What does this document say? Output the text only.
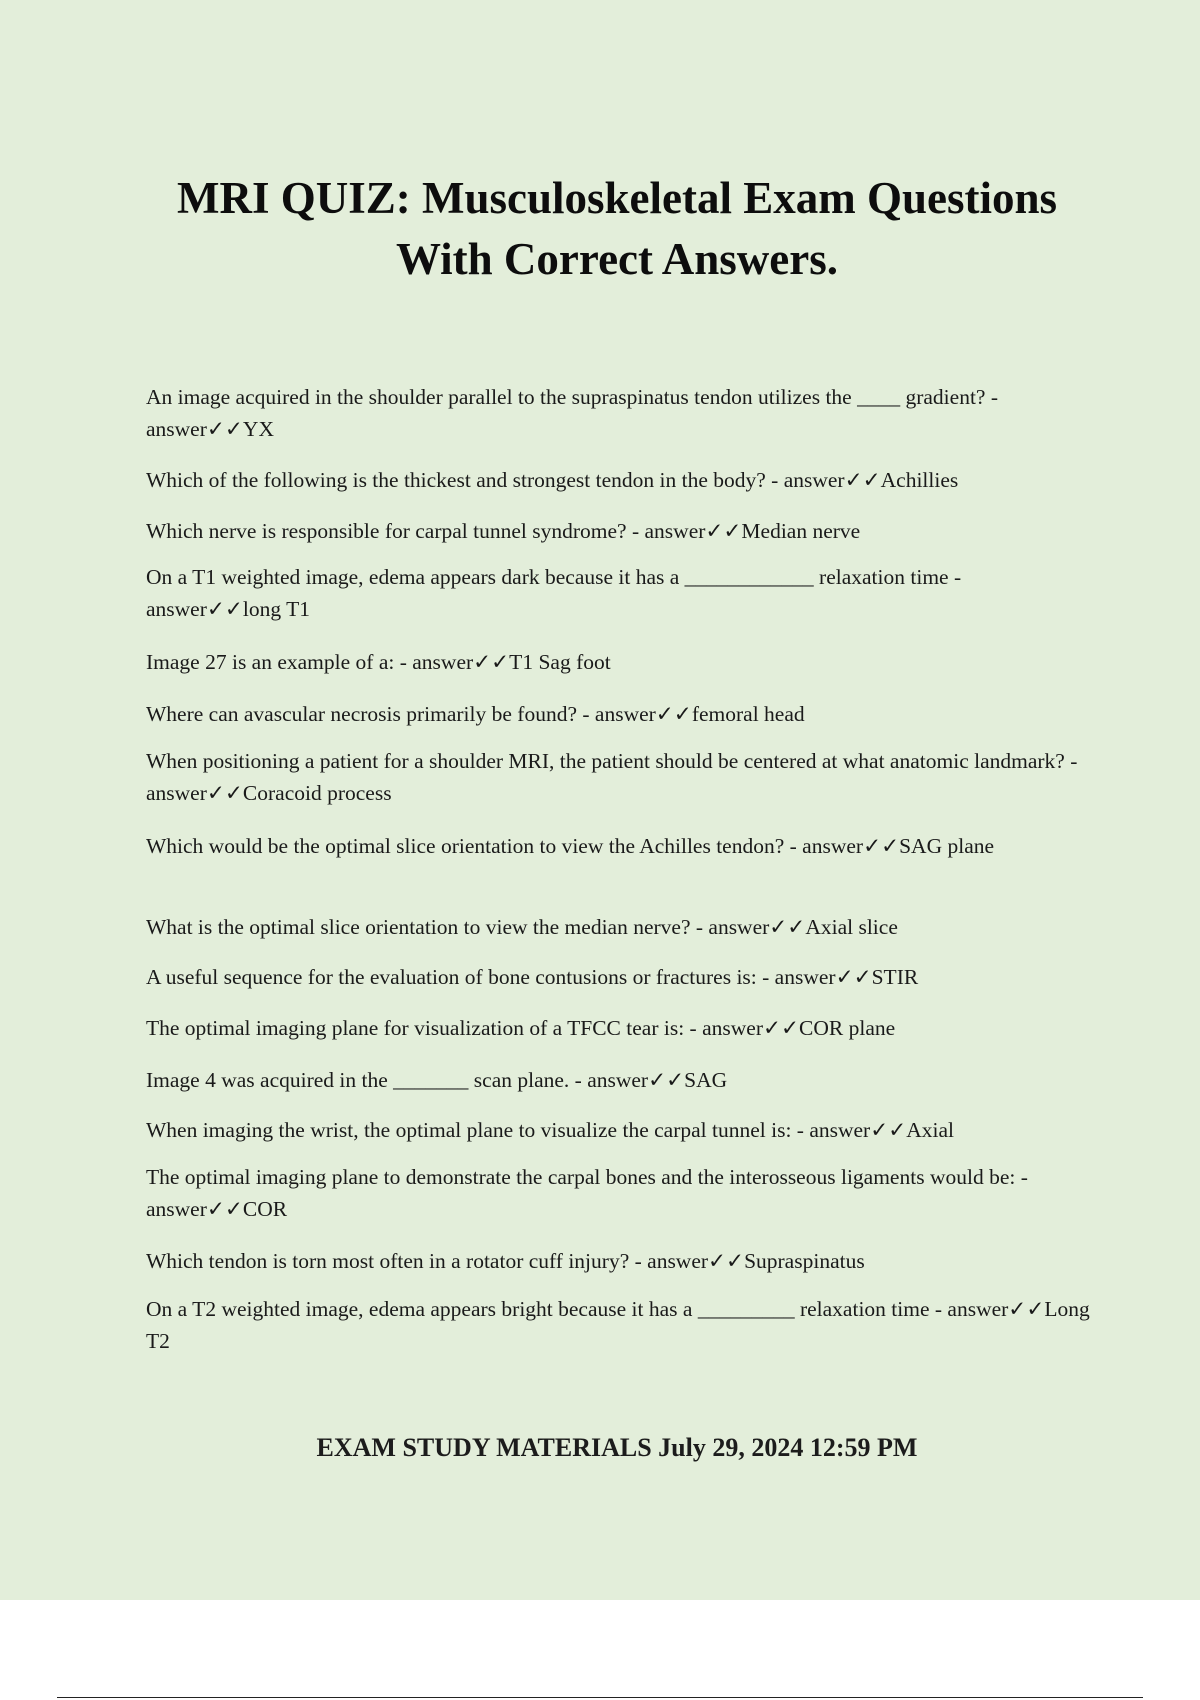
MRI QUIZ: Musculoskeletal Exam Questions With Correct Answers.
An image acquired in the shoulder parallel to the supraspinatus tendon utilizes the ____ gradient? - answer✓✓YX
Which of the following is the thickest and strongest tendon in the body? - answer✓✓Achillies
Which nerve is responsible for carpal tunnel syndrome? - answer✓✓Median nerve
On a T1 weighted image, edema appears dark because it has a ____________ relaxation time - answer✓✓long T1
Image 27 is an example of a: - answer✓✓T1 Sag foot
Where can avascular necrosis primarily be found? - answer✓✓femoral head
When positioning a patient for a shoulder MRI, the patient should be centered at what anatomic landmark? - answer✓✓Coracoid process
Which would be the optimal slice orientation to view the Achilles tendon? - answer✓✓SAG plane
What is the optimal slice orientation to view the median nerve? - answer✓✓Axial slice
A useful sequence for the evaluation of bone contusions or fractures is: - answer✓✓STIR
The optimal imaging plane for visualization of a TFCC tear is: - answer✓✓COR plane
Image 4 was acquired in the _______ scan plane. - answer✓✓SAG
When imaging the wrist, the optimal plane to visualize the carpal tunnel is: - answer✓✓Axial
The optimal imaging plane to demonstrate the carpal bones and the interosseous ligaments would be: - answer✓✓COR
Which tendon is torn most often in a rotator cuff injury? - answer✓✓Supraspinatus
On a T2 weighted image, edema appears bright because it has a _________ relaxation time - answer✓✓Long T2

EXAM STUDY MATERIALS July 29, 2024 12:59 PM
